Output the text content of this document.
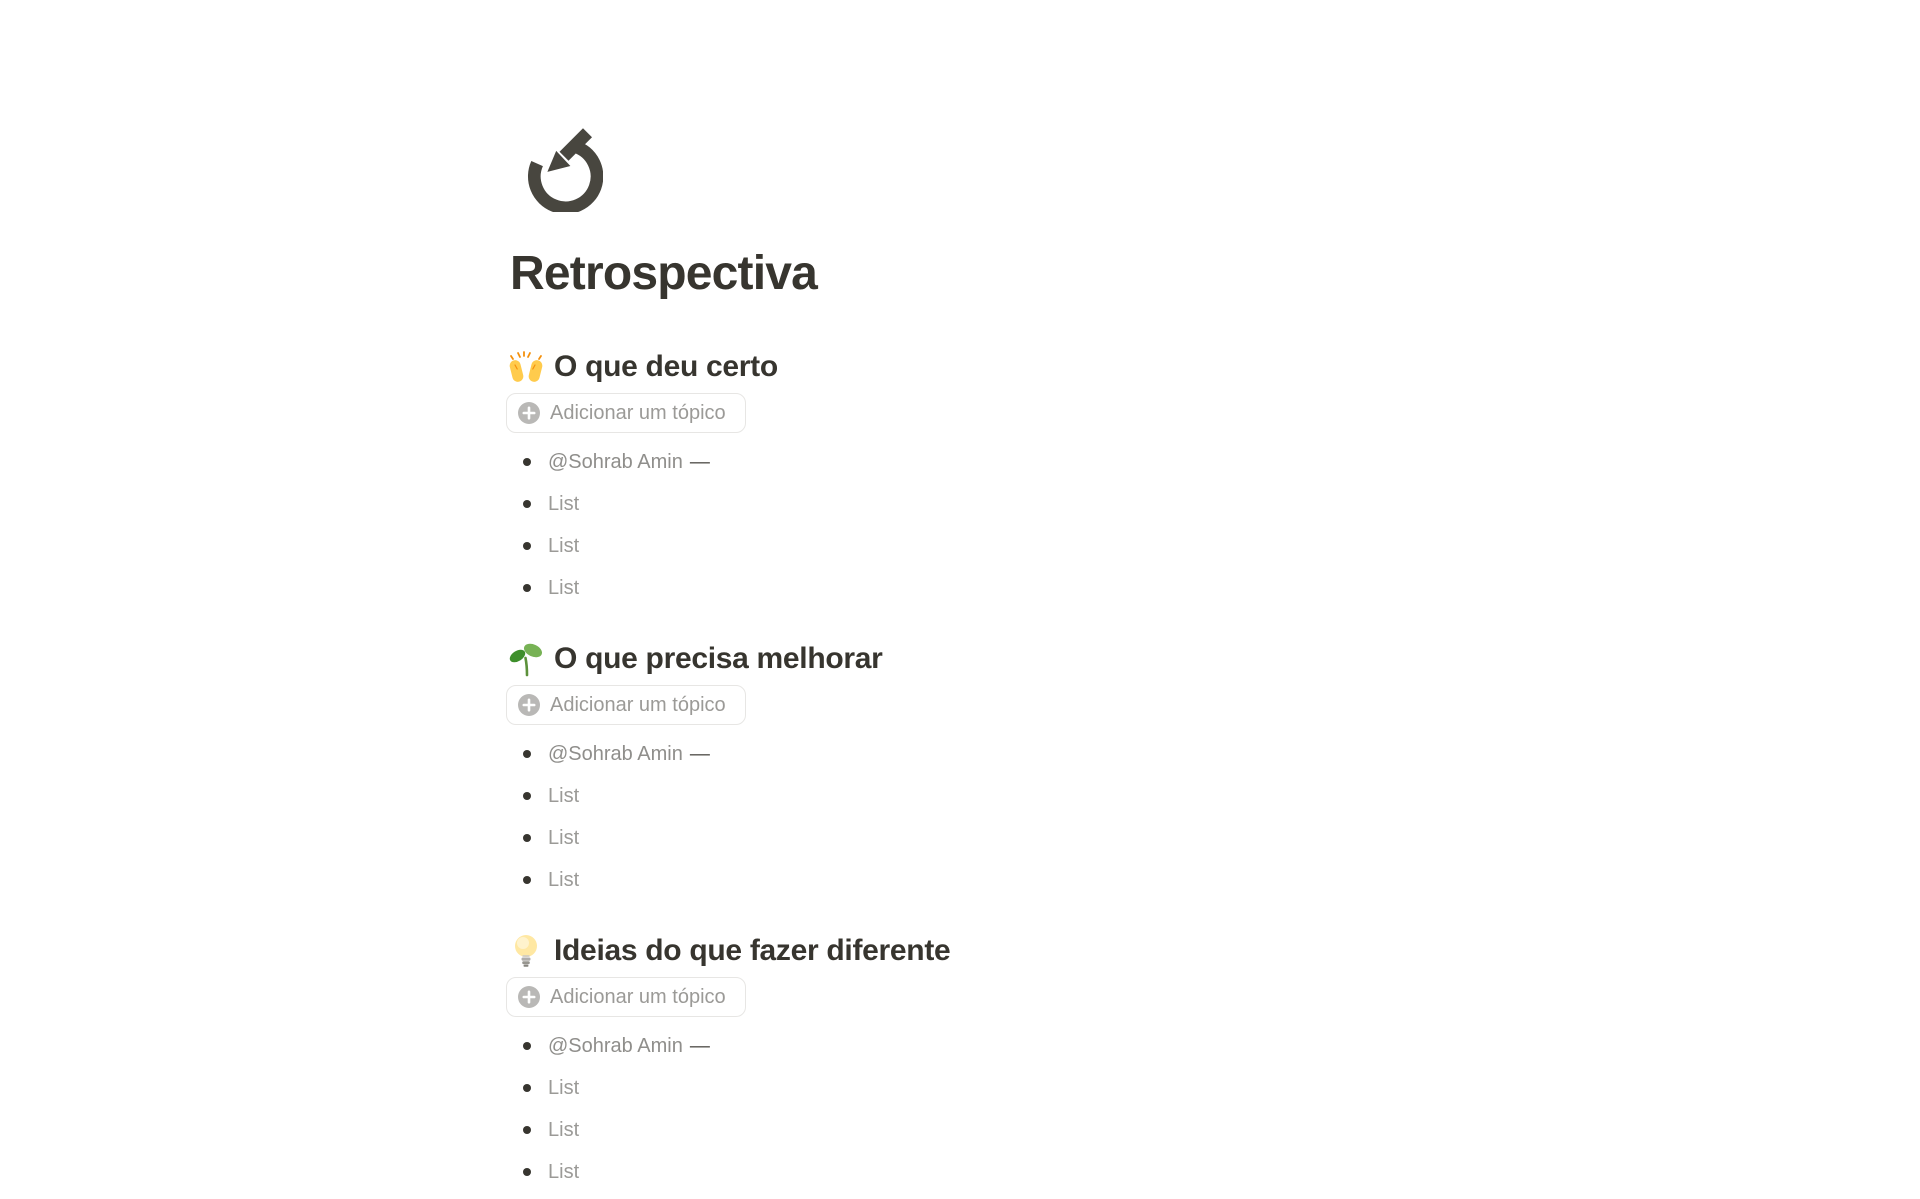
Retrospectiva
O que deu certo
Adicionar um tópico
@Sohrab Amin —
List
List
List
O que precisa melhorar
Adicionar um tópico
@Sohrab Amin —
List
List
List
Ideias do que fazer diferente
Adicionar um tópico
@Sohrab Amin —
List
List
List
